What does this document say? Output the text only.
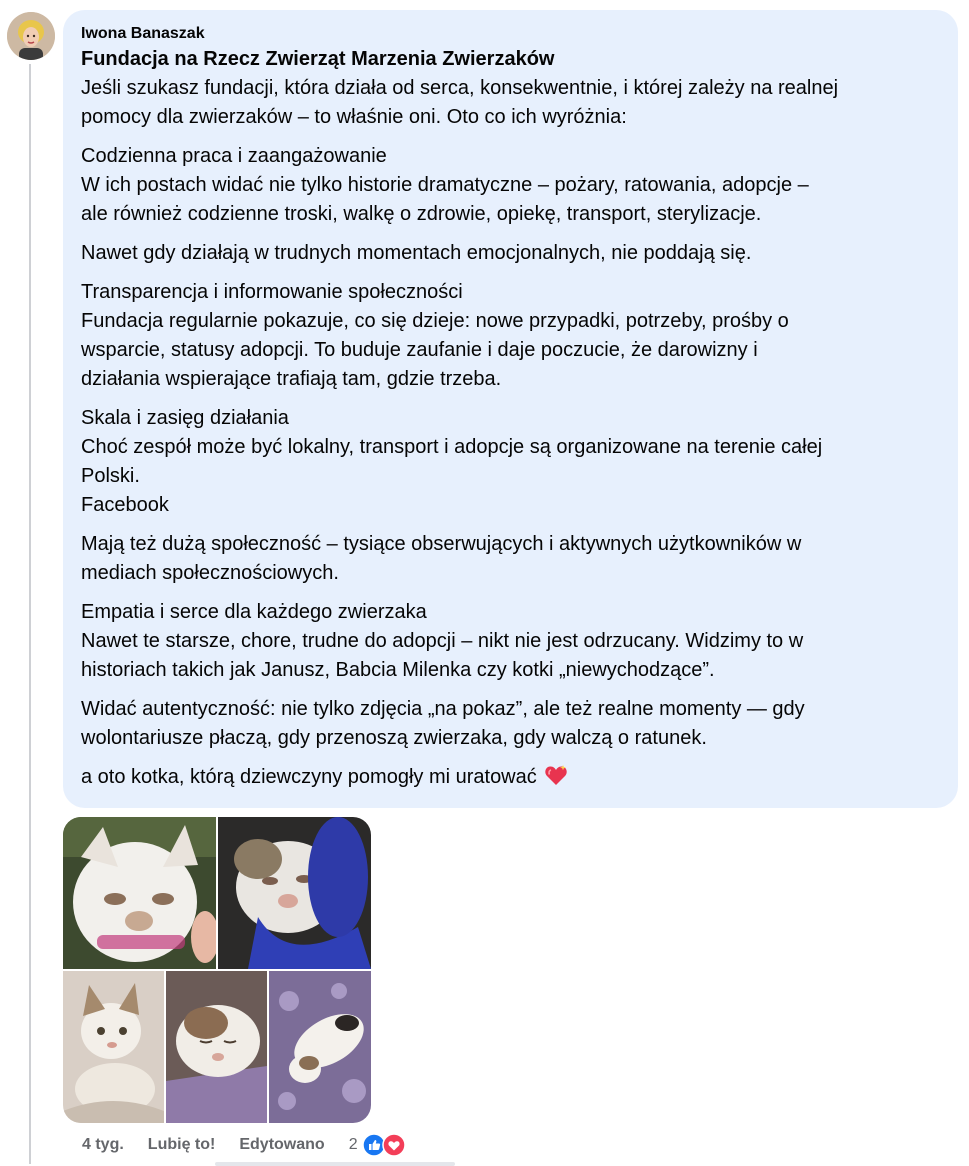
Iwona Banaszak
Fundacja na Rzecz Zwierząt Marzenia Zwierzaków
Jeśli szukasz fundacji, która działa od serca, konsekwentnie, i której zależy na realnej
pomocy dla zwierzaków – to właśnie oni. Oto co ich wyróżnia:
Codzienna praca i zaangażowanie
W ich postach widać nie tylko historie dramatyczne – pożary, ratowania, adopcje –
ale również codzienne troski, walkę o zdrowie, opiekę, transport, sterylizacje.
Nawet gdy działają w trudnych momentach emocjonalnych, nie poddają się.
Transparencja i informowanie społeczności
Fundacja regularnie pokazuje, co się dzieje: nowe przypadki, potrzeby, prośby o
wsparcie, statusy adopcji. To buduje zaufanie i daje poczucie, że darowizny i
działania wspierające trafiają tam, gdzie trzeba.
Skala i zasięg działania
Choć zespół może być lokalny, transport i adopcje są organizowane na terenie całej
Polski.
Facebook
Mają też dużą społeczność – tysiące obserwujących i aktywnych użytkowników w
mediach społecznościowych.
Empatia i serce dla każdego zwierzaka
Nawet te starsze, chore, trudne do adopcji – nikt nie jest odrzucany. Widzimy to w
historiach takich jak Janusz, Babcia Milenka czy kotki „niewychodzące”.
Widać autentyczność: nie tylko zdjęcia „na pokaz”, ale też realne momenty — gdy
wolontariusze płaczą, gdy przenoszą zwierzaka, gdy walczą o ratunek.
a oto kotka, którą dziewczyny pomogły mi uratować
4 tyg. Lubię to! Edytowano 2
